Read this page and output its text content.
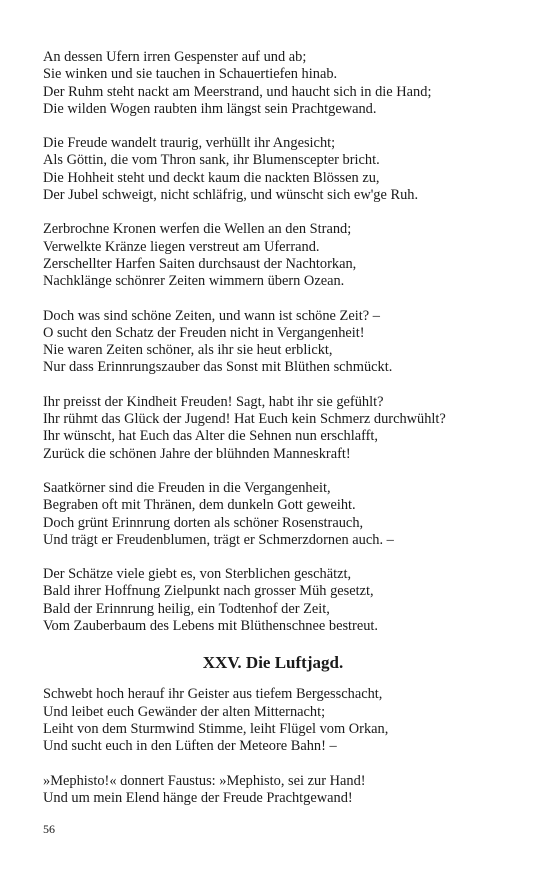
An dessen Ufern irren Gespenster auf und ab;
Sie winken und sie tauchen in Schauertiefen hinab.
Der Ruhm steht nackt am Meerstrand, und haucht sich in die Hand;
Die wilden Wogen raubten ihm längst sein Prachtgewand.
Die Freude wandelt traurig, verhüllt ihr Angesicht;
Als Göttin, die vom Thron sank, ihr Blumenscepter bricht.
Die Hohheit steht und deckt kaum die nackten Blössen zu,
Der Jubel schweigt, nicht schläfrig, und wünscht sich ew'ge Ruh.
Zerbrochne Kronen werfen die Wellen an den Strand;
Verwelkte Kränze liegen verstreut am Uferrand.
Zerschellter Harfen Saiten durchsaust der Nachtorkan,
Nachklänge schönrer Zeiten wimmern übern Ozean.
Doch was sind schöne Zeiten, und wann ist schöne Zeit? –
O sucht den Schatz der Freuden nicht in Vergangenheit!
Nie waren Zeiten schöner, als ihr sie heut erblickt,
Nur dass Erinnrungszauber das Sonst mit Blüthen schmückt.
Ihr preisst der Kindheit Freuden! Sagt, habt ihr sie gefühlt?
Ihr rühmt das Glück der Jugend! Hat Euch kein Schmerz durchwühlt?
Ihr wünscht, hat Euch das Alter die Sehnen nun erschlafft,
Zurück die schönen Jahre der blühnden Manneskraft!
Saatkörner sind die Freuden in die Vergangenheit,
Begraben oft mit Thränen, dem dunkeln Gott geweiht.
Doch grünt Erinnrung dorten als schöner Rosenstrauch,
Und trägt er Freudenblumen, trägt er Schmerzdornen auch. –
Der Schätze viele giebt es, von Sterblichen geschätzt,
Bald ihrer Hoffnung Zielpunkt nach grosser Müh gesetzt,
Bald der Erinnrung heilig, ein Todtenhof der Zeit,
Vom Zauberbaum des Lebens mit Blüthenschnee bestreut.
XXV. Die Luftjagd.
Schwebt hoch herauf ihr Geister aus tiefem Bergesschacht,
Und leibet euch Gewänder der alten Mitternacht;
Leiht von dem Sturmwind Stimme, leiht Flügel vom Orkan,
Und sucht euch in den Lüften der Meteore Bahn! –
»Mephisto!« donnert Faustus: »Mephisto, sei zur Hand!
Und um mein Elend hänge der Freude Prachtgewand!
56
